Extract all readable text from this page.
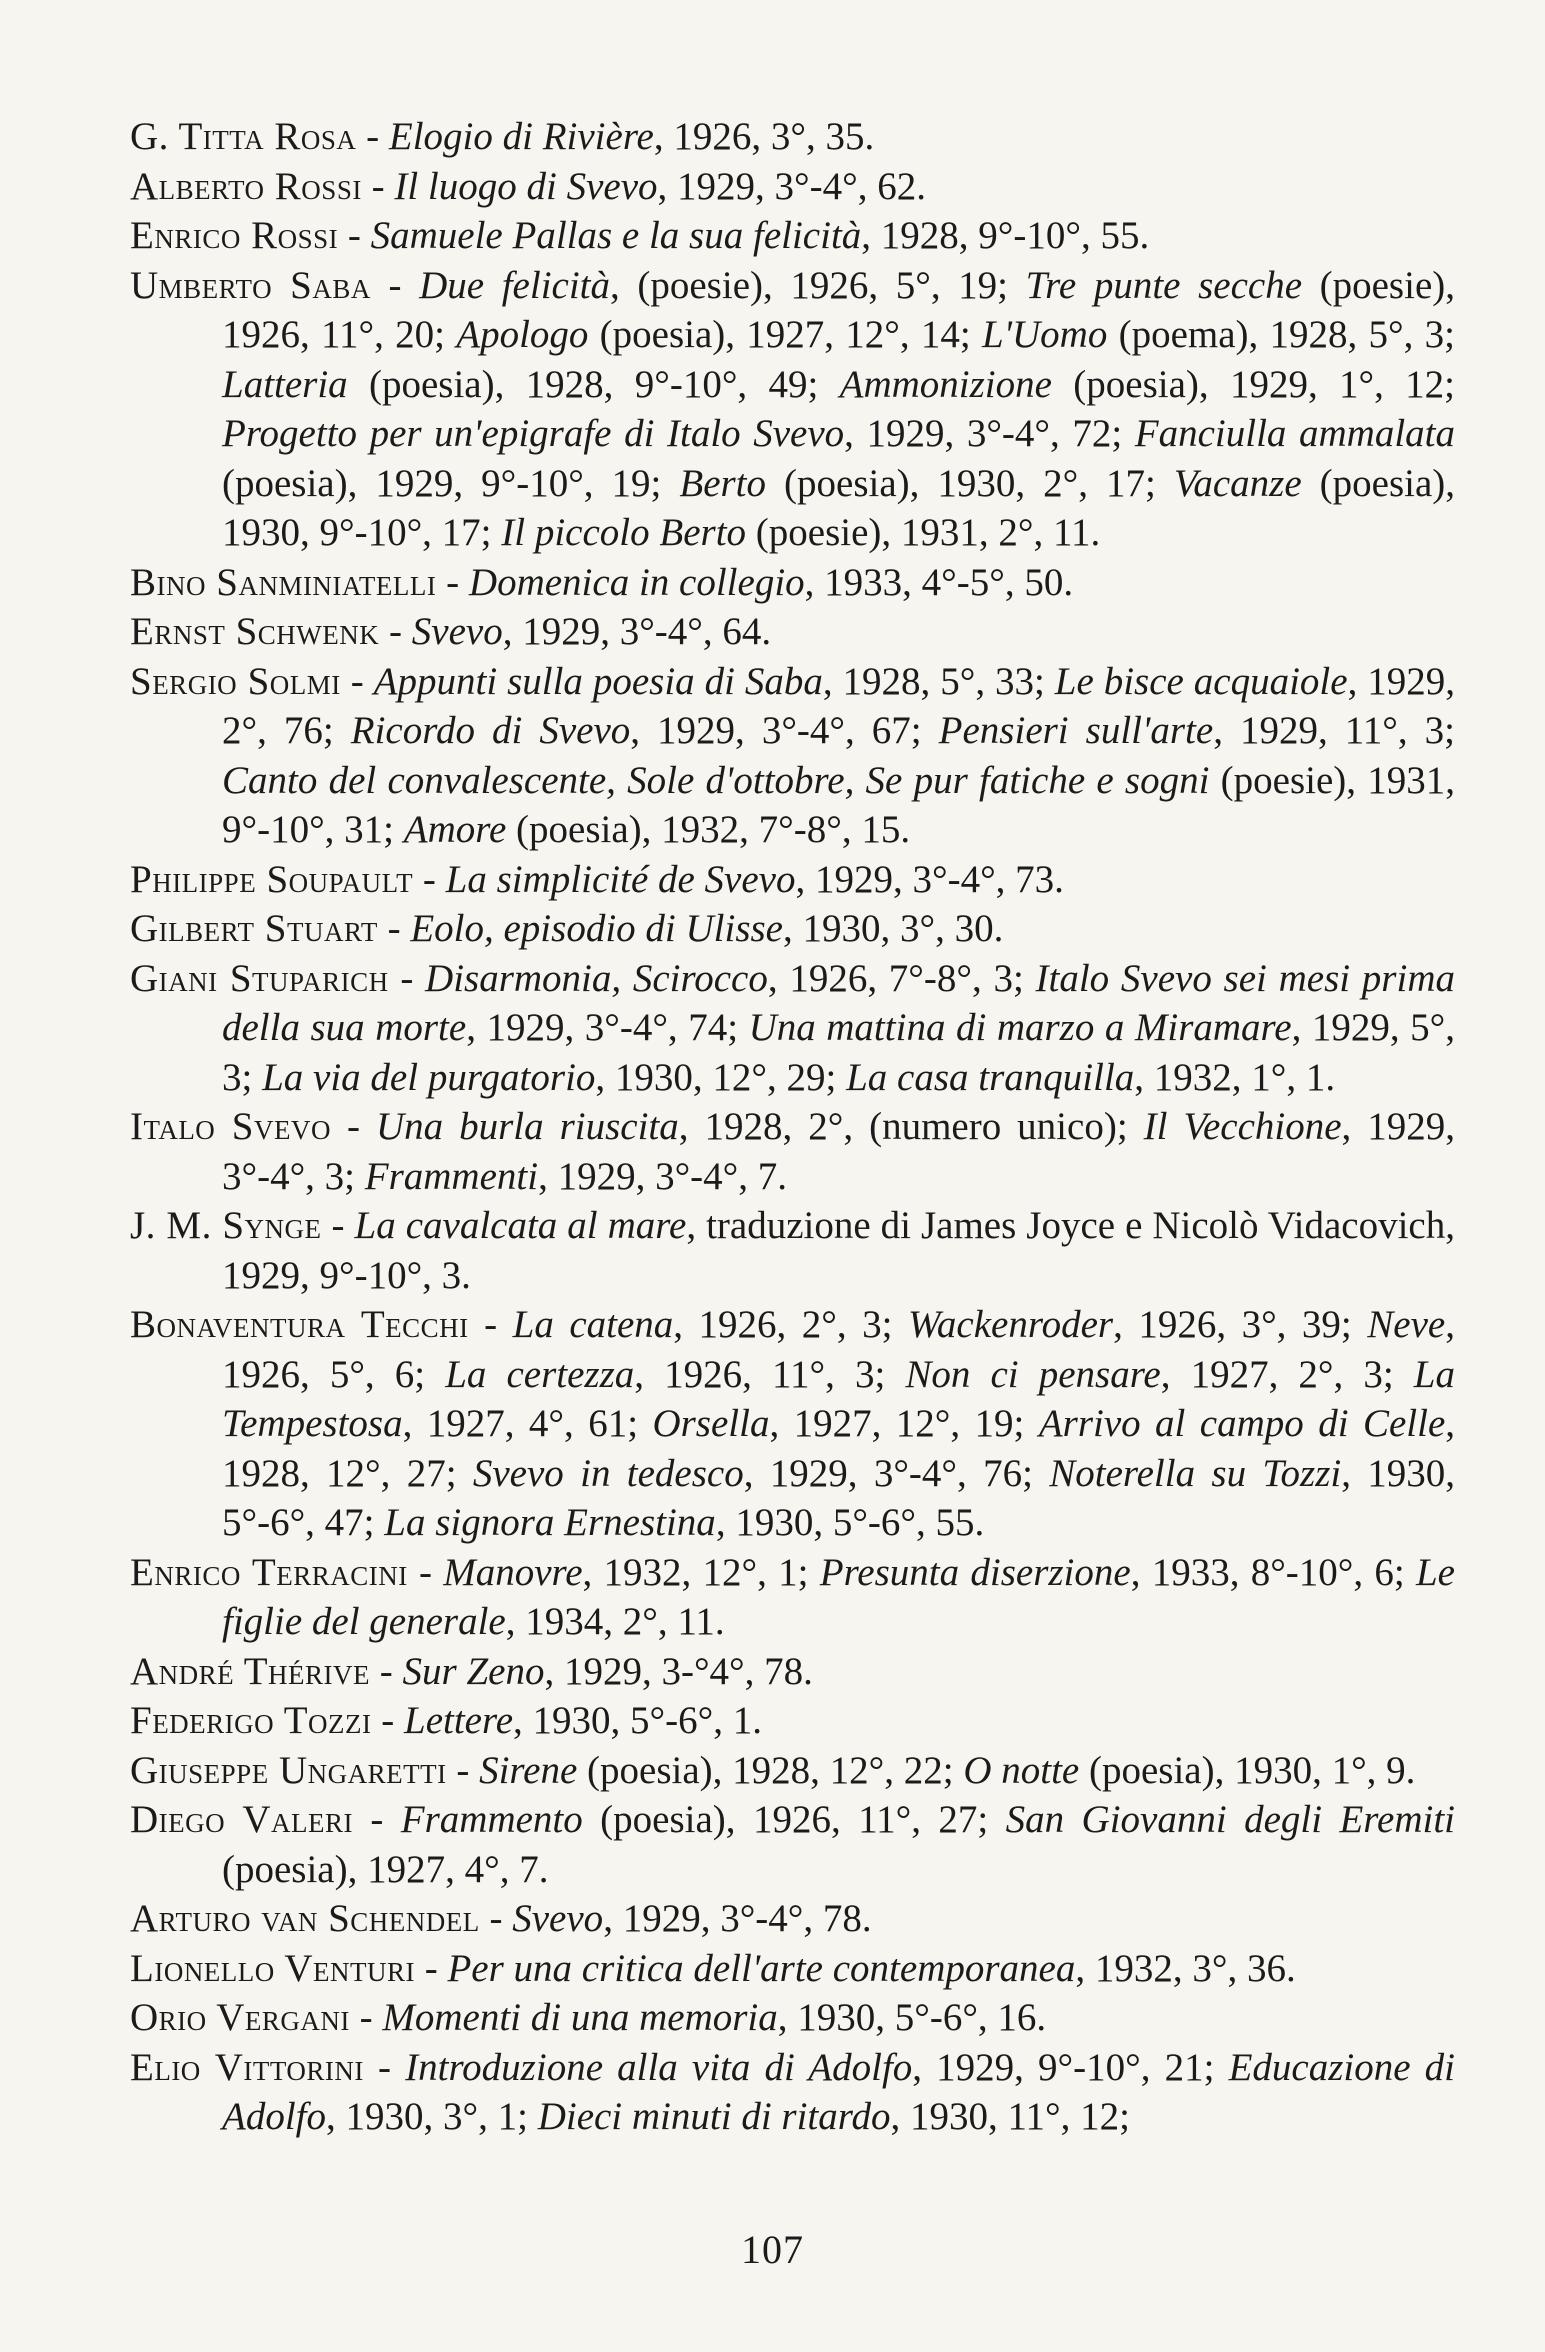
G. Titta Rosa - Elogio di Rivière, 1926, 3°, 35.

Alberto Rossi - Il luogo di Svevo, 1929, 3°-4°, 62.

Enrico Rossi - Samuele Pallas e la sua felicità, 1928, 9°-10°, 55.

Umberto Saba - Due felicità, (poesie), 1926, 5°, 19; Tre punte secche (poesie), 1926, 11°, 20; Apologo (poesia), 1927, 12°, 14; L'Uomo (poema), 1928, 5°, 3; Latteria (poesia), 1928, 9°-10°, 49; Ammonizione (poesia), 1929, 1°, 12; Progetto per un'epigrafe di Italo Svevo, 1929, 3°-4°, 72; Fanciulla ammalata (poesia), 1929, 9°-10°, 19; Berto (poesia), 1930, 2°, 17; Vacanze (poesia), 1930, 9°-10°, 17; Il piccolo Berto (poesie), 1931, 2°, 11.

Bino Sanminiatelli - Domenica in collegio, 1933, 4°-5°, 50.

Ernst Schwenk - Svevo, 1929, 3°-4°, 64.

Sergio Solmi - Appunti sulla poesia di Saba, 1928, 5°, 33; Le bisce acquaiole, 1929, 2°, 76; Ricordo di Svevo, 1929, 3°-4°, 67; Pensieri sull'arte, 1929, 11°, 3; Canto del convalescente, Sole d'ottobre, Se pur fatiche e sogni (poesie), 1931, 9°-10°, 31; Amore (poesia), 1932, 7°-8°, 15.

Philippe Soupault - La simplicité de Svevo, 1929, 3°-4°, 73.

Gilbert Stuart - Eolo, episodio di Ulisse, 1930, 3°, 30.

Giani Stuparich - Disarmonia, Scirocco, 1926, 7°-8°, 3; Italo Svevo sei mesi prima della sua morte, 1929, 3°-4°, 74; Una mattina di marzo a Miramare, 1929, 5°, 3; La via del purgatorio, 1930, 12°, 29; La casa tranquilla, 1932, 1°, 1.

Italo Svevo - Una burla riuscita, 1928, 2°, (numero unico); Il Vecchione, 1929, 3°-4°, 3; Frammenti, 1929, 3°-4°, 7.

J. M. Synge - La cavalcata al mare, traduzione di James Joyce e Nicolò Vidacovich, 1929, 9°-10°, 3.

Bonaventura Tecchi - La catena, 1926, 2°, 3; Wackenroder, 1926, 3°, 39; Neve, 1926, 5°, 6; La certezza, 1926, 11°, 3; Non ci pensare, 1927, 2°, 3; La Tempestosa, 1927, 4°, 61; Orsella, 1927, 12°, 19; Arrivo al campo di Celle, 1928, 12°, 27; Svevo in tedesco, 1929, 3°-4°, 76; Noterella su Tozzi, 1930, 5°-6°, 47; La signora Ernestina, 1930, 5°-6°, 55.

Enrico Terracini - Manovre, 1932, 12°, 1; Presunta diserzione, 1933, 8°-10°, 6; Le figlie del generale, 1934, 2°, 11.

André Thérive - Sur Zeno, 1929, 3-°4°, 78.

Federigo Tozzi - Lettere, 1930, 5°-6°, 1.

Giuseppe Ungaretti - Sirene (poesia), 1928, 12°, 22; O notte (poesia), 1930, 1°, 9.

Diego Valeri - Frammento (poesia), 1926, 11°, 27; San Giovanni degli Eremiti (poesia), 1927, 4°, 7.

Arturo van Schendel - Svevo, 1929, 3°-4°, 78.

Lionello Venturi - Per una critica dell'arte contemporanea, 1932, 3°, 36.

Orio Vergani - Momenti di una memoria, 1930, 5°-6°, 16.

Elio Vittorini - Introduzione alla vita di Adolfo, 1929, 9°-10°, 21; Educazione di Adolfo, 1930, 3°, 1; Dieci minuti di ritardo, 1930, 11°, 12;

107
